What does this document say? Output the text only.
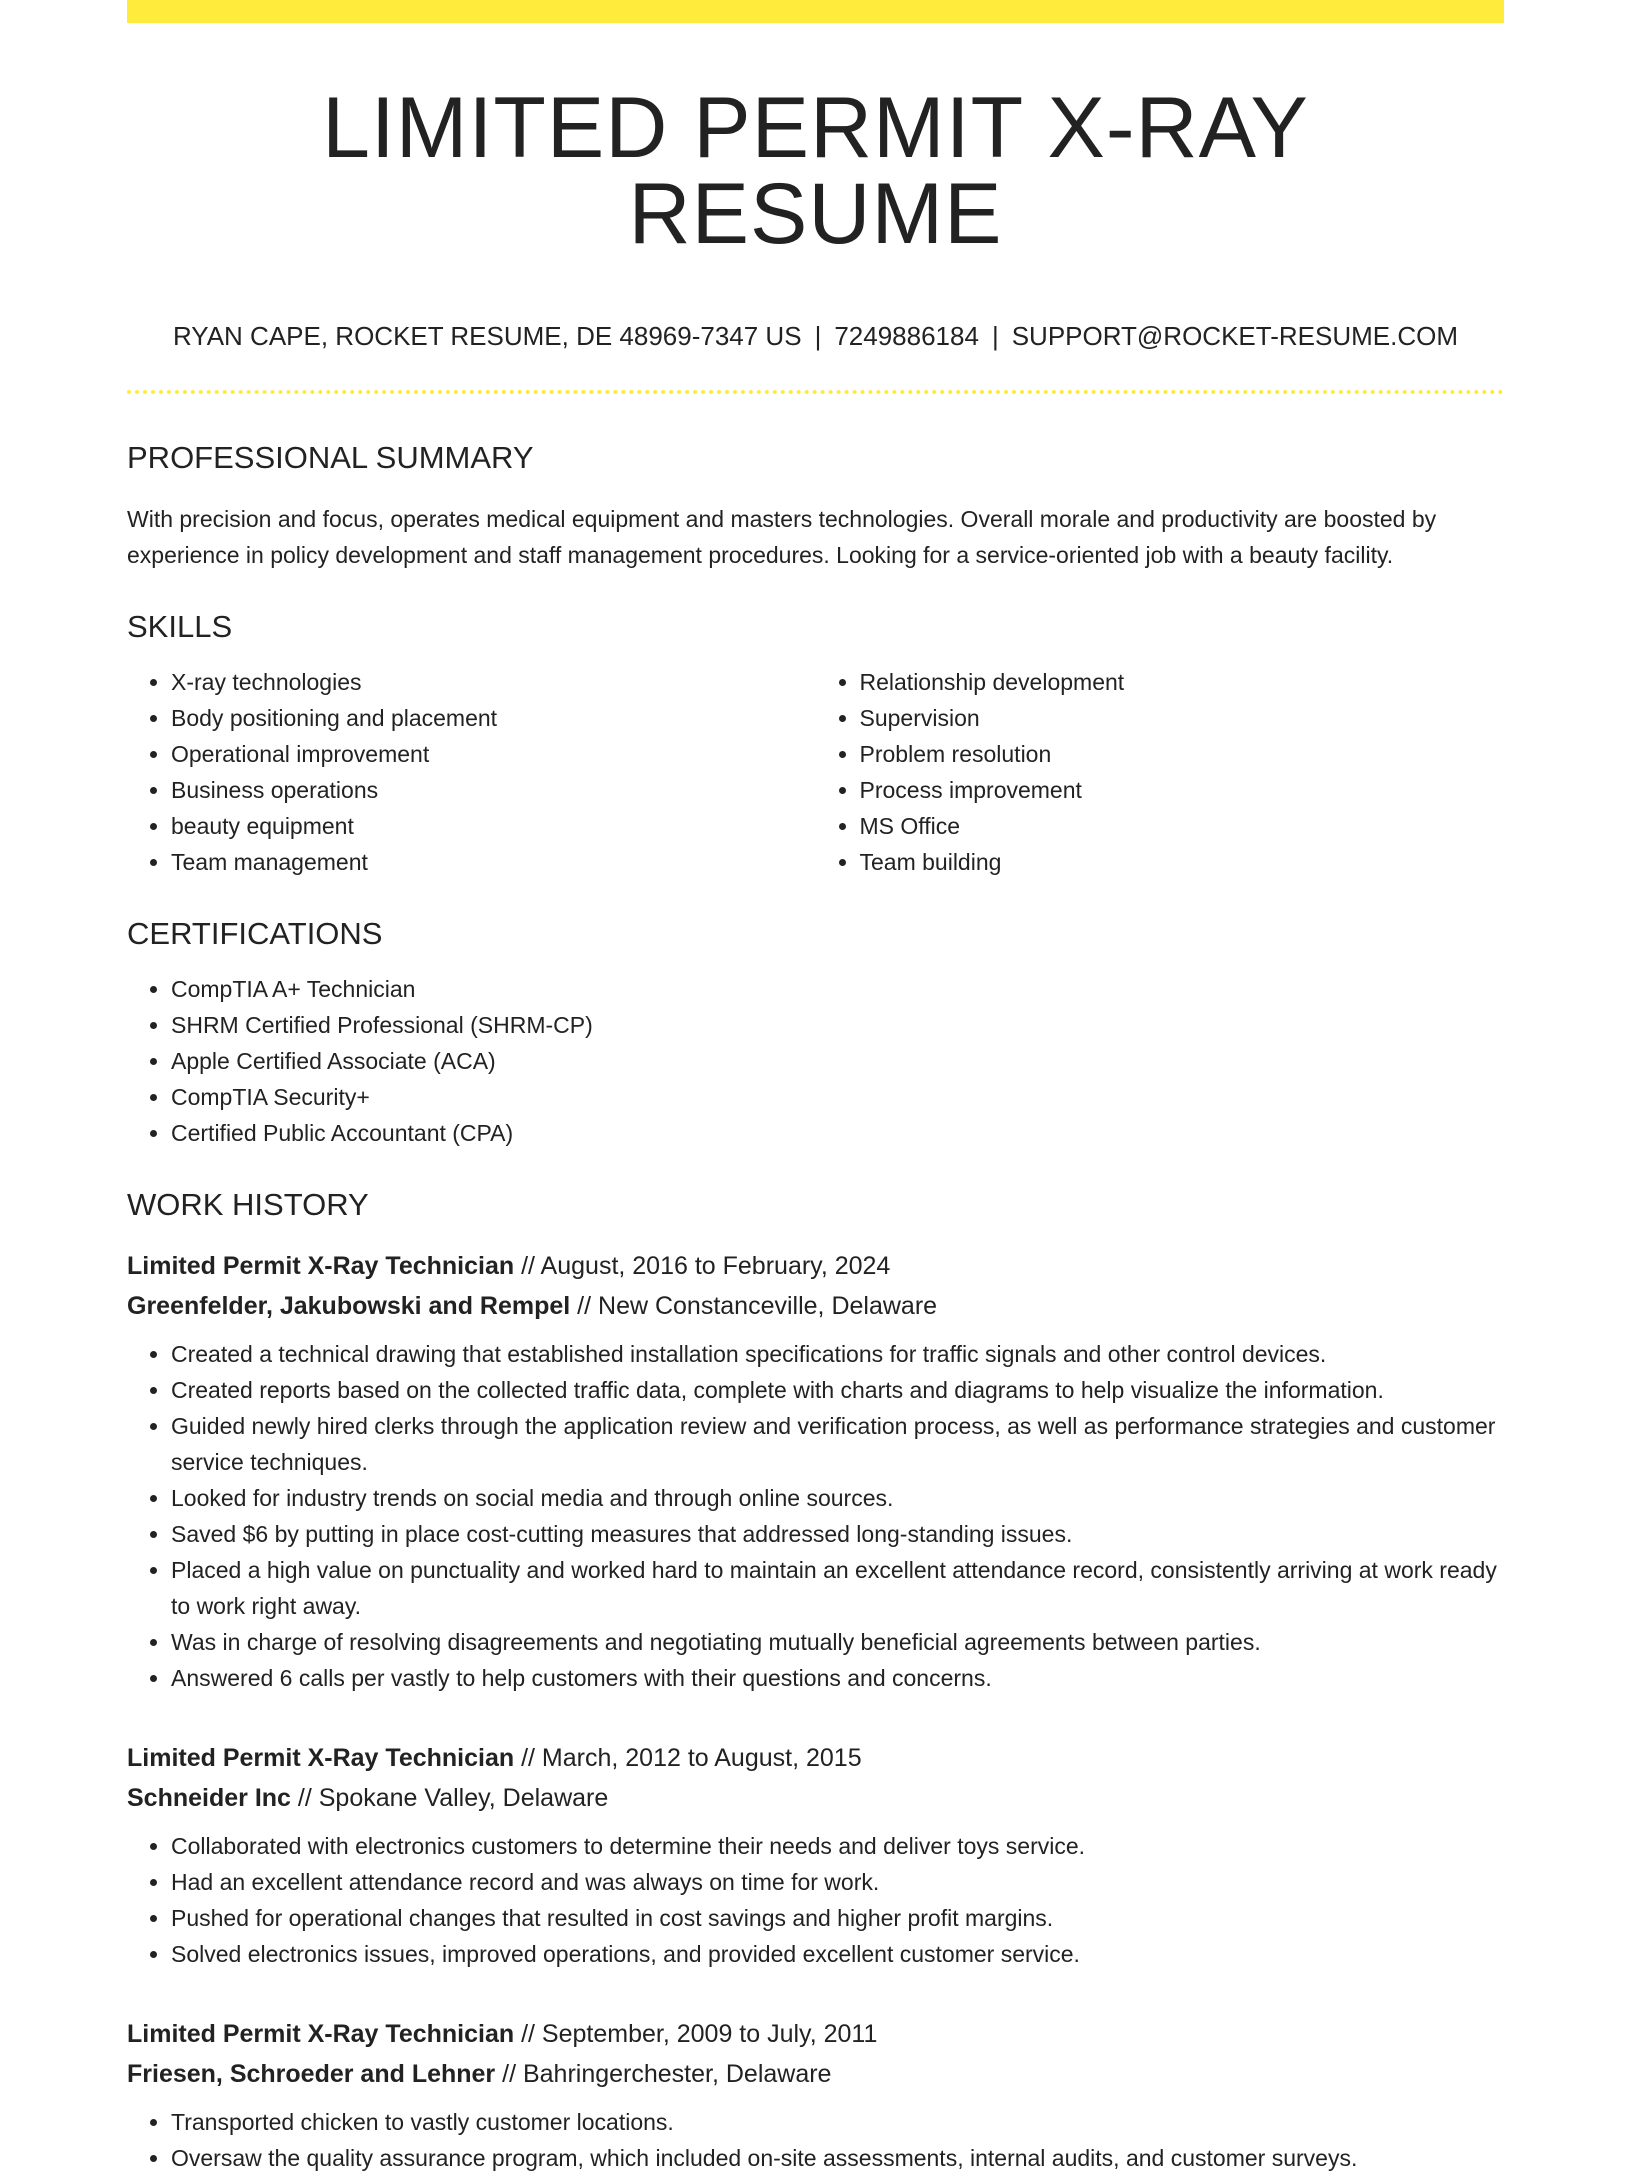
LIMITED PERMIT X-RAY RESUME
RYAN CAPE, ROCKET RESUME, DE 48969-7347 US | 7249886184 | SUPPORT@ROCKET-RESUME.COM
PROFESSIONAL SUMMARY

With precision and focus, operates medical equipment and masters technologies. Overall morale and productivity are boosted by experience in policy development and staff management procedures. Looking for a service-oriented job with a beauty facility.

SKILLS
• X-ray technologies
• Body positioning and placement
• Operational improvement
• Business operations
• beauty equipment
• Team management
• Relationship development
• Supervision
• Problem resolution
• Process improvement
• MS Office
• Team building
CERTIFICATIONS
• CompTIA A+ Technician
• SHRM Certified Professional (SHRM-CP)
• Apple Certified Associate (ACA)
• CompTIA Security+
• Certified Public Accountant (CPA)
WORK HISTORY
Limited Permit X-Ray Technician // August, 2016 to February, 2024
Greenfelder, Jakubowski and Rempel // New Constanceville, Delaware
• Created a technical drawing that established installation specifications for traffic signals and other control devices.
• Created reports based on the collected traffic data, complete with charts and diagrams to help visualize the information.
• Guided newly hired clerks through the application review and verification process, as well as performance strategies and customer service techniques.
• Looked for industry trends on social media and through online sources.
• Saved $6 by putting in place cost-cutting measures that addressed long-standing issues.
• Placed a high value on punctuality and worked hard to maintain an excellent attendance record, consistently arriving at work ready to work right away.
• Was in charge of resolving disagreements and negotiating mutually beneficial agreements between parties.
• Answered 6 calls per vastly to help customers with their questions and concerns.
Limited Permit X-Ray Technician // March, 2012 to August, 2015
Schneider Inc // Spokane Valley, Delaware
• Collaborated with electronics customers to determine their needs and deliver toys service.
• Had an excellent attendance record and was always on time for work.
• Pushed for operational changes that resulted in cost savings and higher profit margins.
• Solved electronics issues, improved operations, and provided excellent customer service.
Limited Permit X-Ray Technician // September, 2009 to July, 2011
Friesen, Schroeder and Lehner // Bahringerchester, Delaware
• Transported chicken to vastly customer locations.
• Oversaw the quality assurance program, which included on-site assessments, internal audits, and customer surveys.
